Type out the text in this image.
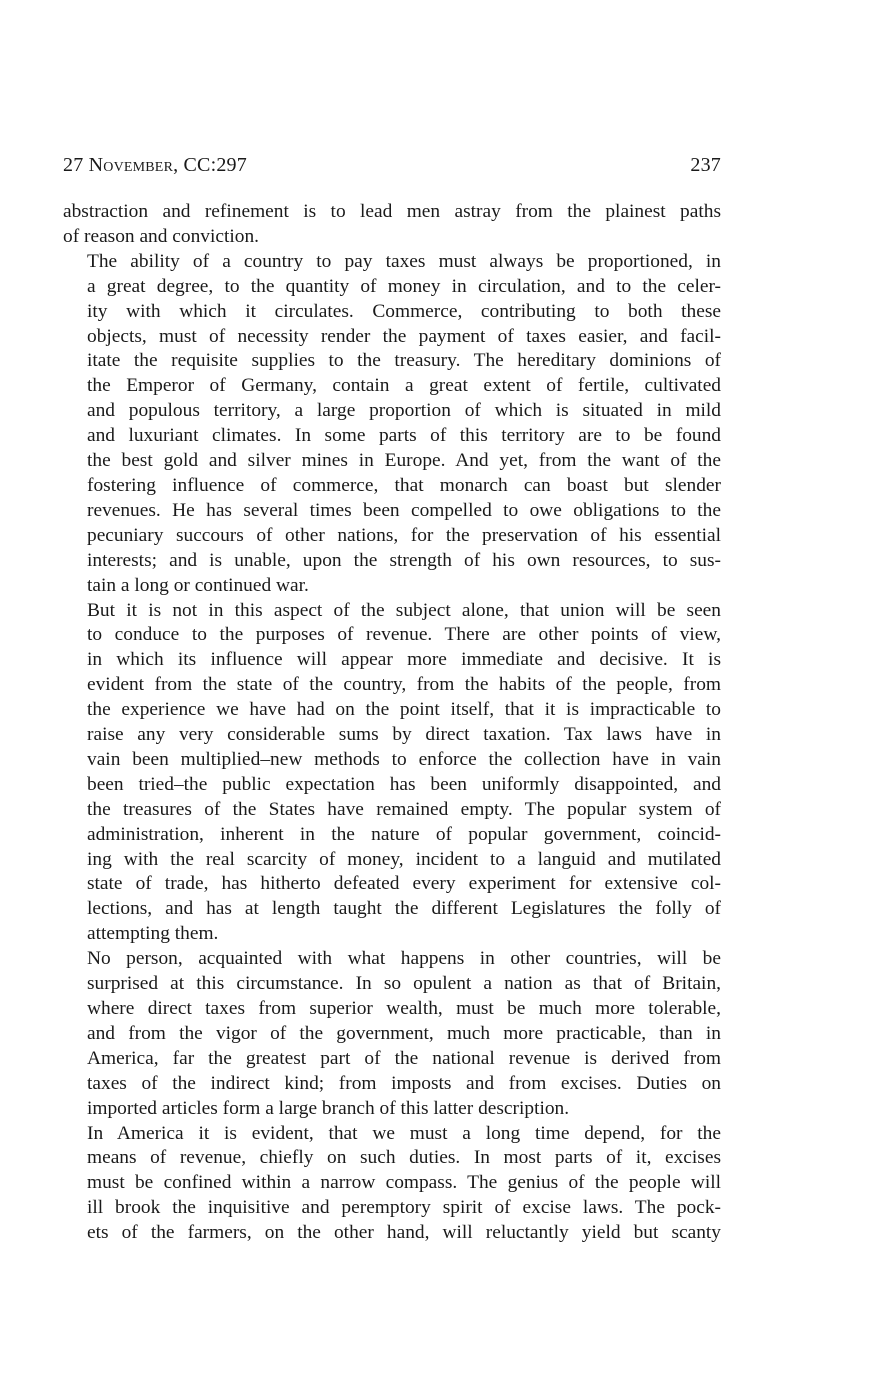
27 November, CC:297	237

abstraction and refinement is to lead men astray from the plainest paths
of reason and conviction.

The ability of a country to pay taxes must always be proportioned, in
a great degree, to the quantity of money in circulation, and to the celer-
ity with which it circulates. Commerce, contributing to both these
objects, must of necessity render the payment of taxes easier, and facil-
itate the requisite supplies to the treasury. The hereditary dominions of
the Emperor of Germany, contain a great extent of fertile, cultivated
and populous territory, a large proportion of which is situated in mild
and luxuriant climates. In some parts of this territory are to be found
the best gold and silver mines in Europe. And yet, from the want of the
fostering influence of commerce, that monarch can boast but slender
revenues. He has several times been compelled to owe obligations to the
pecuniary succours of other nations, for the preservation of his essential
interests; and is unable, upon the strength of his own resources, to sus-
tain a long or continued war.

But it is not in this aspect of the subject alone, that union will be seen
to conduce to the purposes of revenue. There are other points of view,
in which its influence will appear more immediate and decisive. It is
evident from the state of the country, from the habits of the people, from
the experience we have had on the point itself, that it is impracticable to
raise any very considerable sums by direct taxation. Tax laws have in
vain been multiplied–new methods to enforce the collection have in vain
been tried–the public expectation has been uniformly disappointed, and
the treasures of the States have remained empty. The popular system of
administration, inherent in the nature of popular government, coincid-
ing with the real scarcity of money, incident to a languid and mutilated
state of trade, has hitherto defeated every experiment for extensive col-
lections, and has at length taught the different Legislatures the folly of
attempting them.

No person, acquainted with what happens in other countries, will be
surprised at this circumstance. In so opulent a nation as that of Britain,
where direct taxes from superior wealth, must be much more tolerable,
and from the vigor of the government, much more practicable, than in
America, far the greatest part of the national revenue is derived from
taxes of the indirect kind; from imposts and from excises. Duties on
imported articles form a large branch of this latter description.

In America it is evident, that we must a long time depend, for the
means of revenue, chiefly on such duties. In most parts of it, excises
must be confined within a narrow compass. The genius of the people will
ill brook the inquisitive and peremptory spirit of excise laws. The pock-
ets of the farmers, on the other hand, will reluctantly yield but scanty
